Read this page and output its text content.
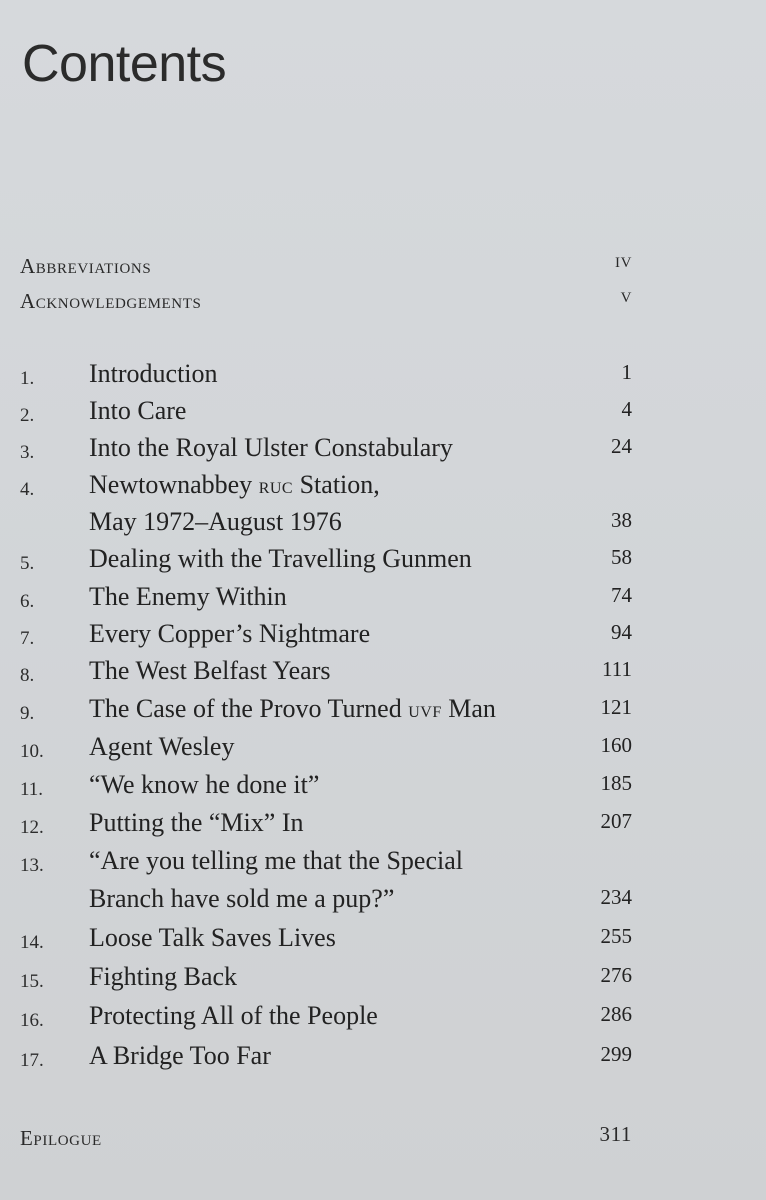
Contents
Abbreviations	iv
Acknowledgements	v
1. Introduction	1
2. Into Care	4
3. Into the Royal Ulster Constabulary	24
4. Newtownabbey ruc Station,
May 1972–August 1976	38
5. Dealing with the Travelling Gunmen	58
6. The Enemy Within	74
7. Every Copper’s Nightmare	94
8. The West Belfast Years	111
9. The Case of the Provo Turned uvf Man	121
10. Agent Wesley	160
11. “We know he done it”	185
12. Putting the “Mix” In	207
13. “Are you telling me that the Special
Branch have sold me a pup?”	234
14. Loose Talk Saves Lives	255
15. Fighting Back	276
16. Protecting All of the People	286
17. A Bridge Too Far	299
Epilogue	311
